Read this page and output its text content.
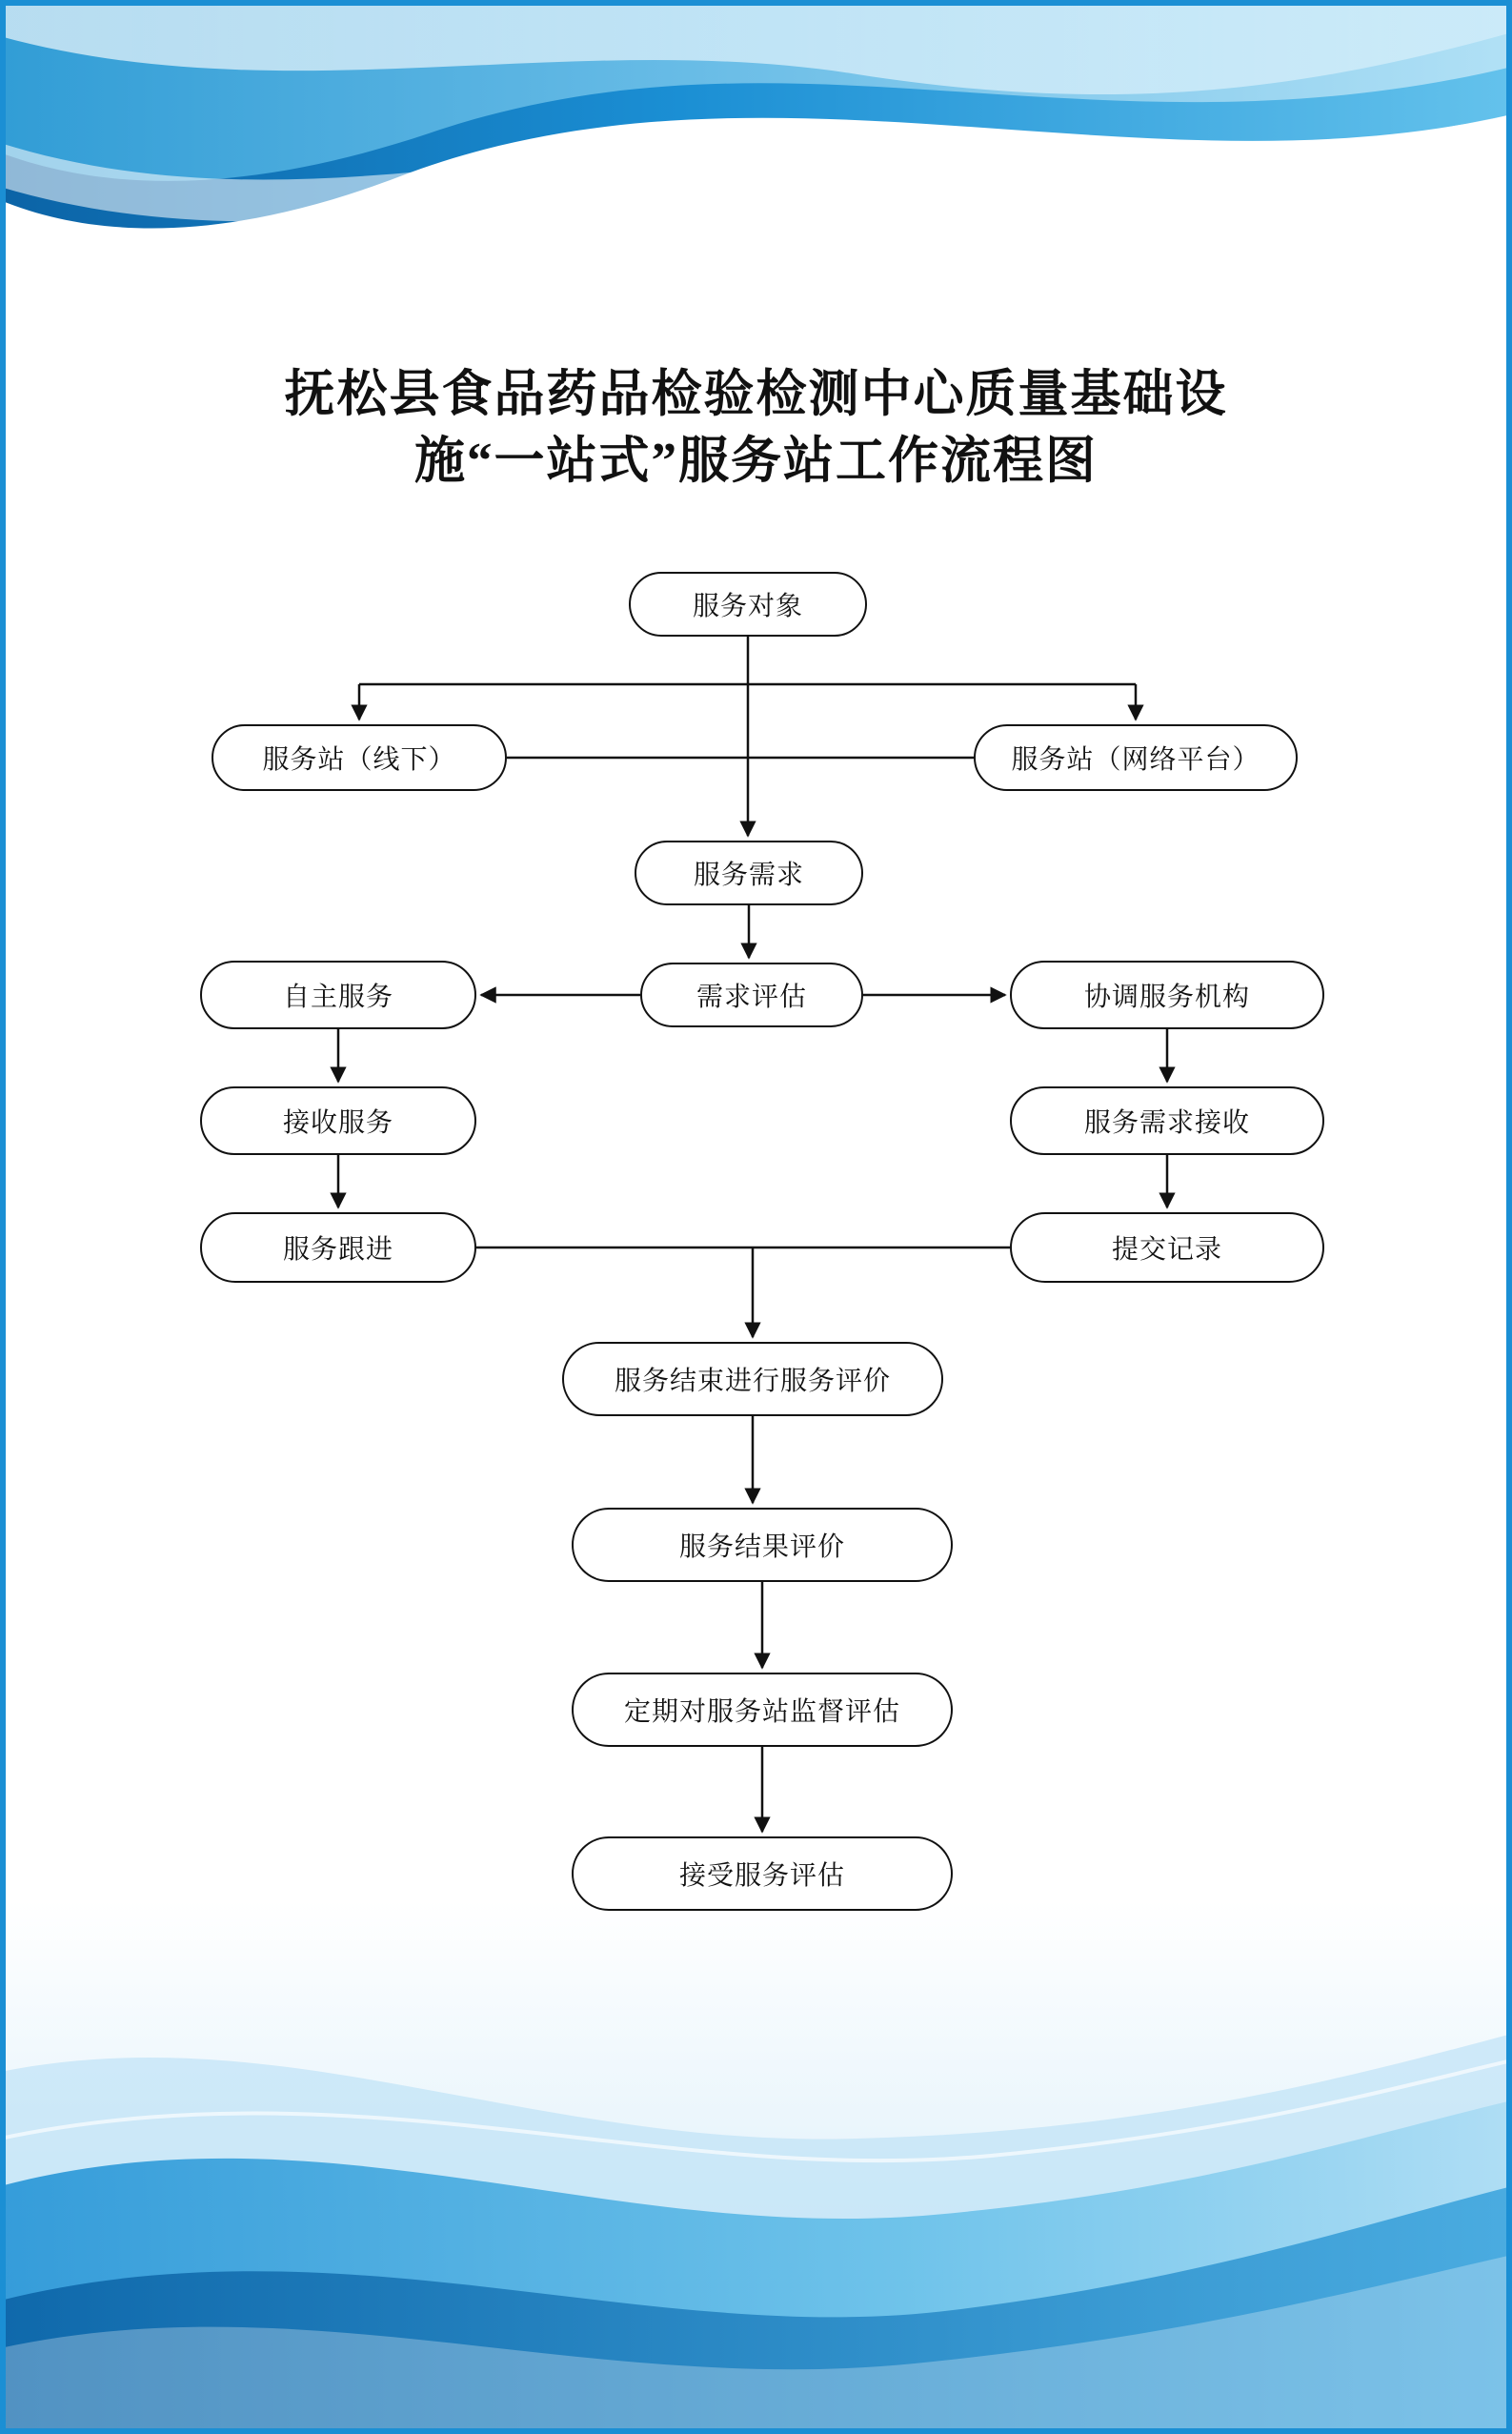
抚松县食品药品检验检测中心质量基础设
施“一站式”服务站工作流程图
服务对象
服务站（线下）	服务站（网络平台）
服务需求
需求评估
自主服务	协调服务机构
接收服务	服务需求接收
服务跟进	提交记录
服务结束进行服务评价
服务结果评价
定期对服务站监督评估
接受服务评估
